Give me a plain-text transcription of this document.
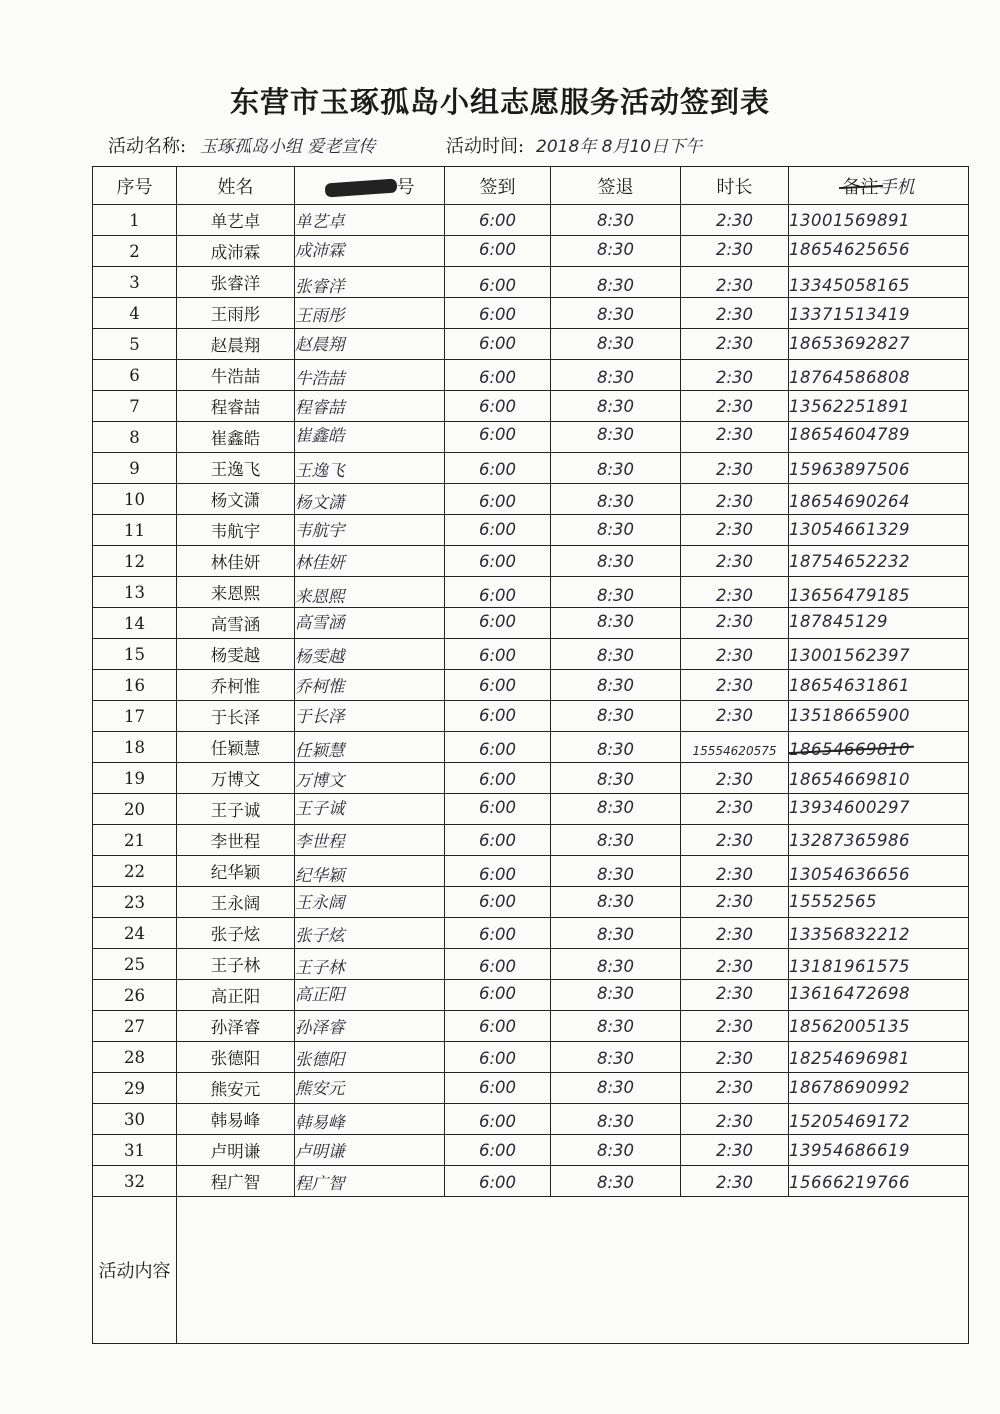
东营市玉琢孤岛小组志愿服务活动签到表
活动名称: 玉琢孤岛小组 爱老宣传	活动时间: 2018年 8月10日下午
序号	姓名	号	签到	签退	时长	备注手机
1	单艺卓	单艺卓	6:00	8:30	2:30	13001569891
2	成沛霖	成沛霖	6:00	8:30	2:30	18654625656
3	张睿洋	张睿洋	6:00	8:30	2:30	13345058165
4	王雨彤	王雨彤	6:00	8:30	2:30	13371513419
5	赵晨翔	赵晨翔	6:00	8:30	2:30	18653692827
6	牛浩喆	牛浩喆	6:00	8:30	2:30	18764586808
7	程睿喆	程睿喆	6:00	8:30	2:30	13562251891
8	崔鑫皓	崔鑫皓	6:00	8:30	2:30	18654604789
9	王逸飞	王逸飞	6:00	8:30	2:30	15963897506
10	杨文潇	杨文潇	6:00	8:30	2:30	18654690264
11	韦航宇	韦航宇	6:00	8:30	2:30	13054661329
12	林佳妍	林佳妍	6:00	8:30	2:30	18754652232
13	来恩熙	来恩熙	6:00	8:30	2:30	13656479185
14	高雪涵	高雪涵	6:00	8:30	2:30	187845129
15	杨雯越	杨雯越	6:00	8:30	2:30	13001562397
16	乔柯惟	乔柯惟	6:00	8:30	2:30	18654631861
17	于长泽	于长泽	6:00	8:30	2:30	13518665900
18	任颖慧	任颖慧	6:00	8:30	15554620575	18654669810
19	万博文	万博文	6:00	8:30	2:30	18654669810
20	王子诚	王子诚	6:00	8:30	2:30	13934600297
21	李世程	李世程	6:00	8:30	2:30	13287365986
22	纪华颖	纪华颖	6:00	8:30	2:30	13054636656
23	王永阔	王永阔	6:00	8:30	2:30	15552565
24	张子炫	张子炫	6:00	8:30	2:30	13356832212
25	王子林	王子林	6:00	8:30	2:30	13181961575
26	高正阳	高正阳	6:00	8:30	2:30	13616472698
27	孙泽睿	孙泽睿	6:00	8:30	2:30	18562005135
28	张德阳	张德阳	6:00	8:30	2:30	18254696981
29	熊安元	熊安元	6:00	8:30	2:30	18678690992
30	韩易峰	韩易峰	6:00	8:30	2:30	15205469172
31	卢明谦	卢明谦	6:00	8:30	2:30	13954686619
32	程广智	程广智	6:00	8:30	2:30	15666219766
活动内容						
